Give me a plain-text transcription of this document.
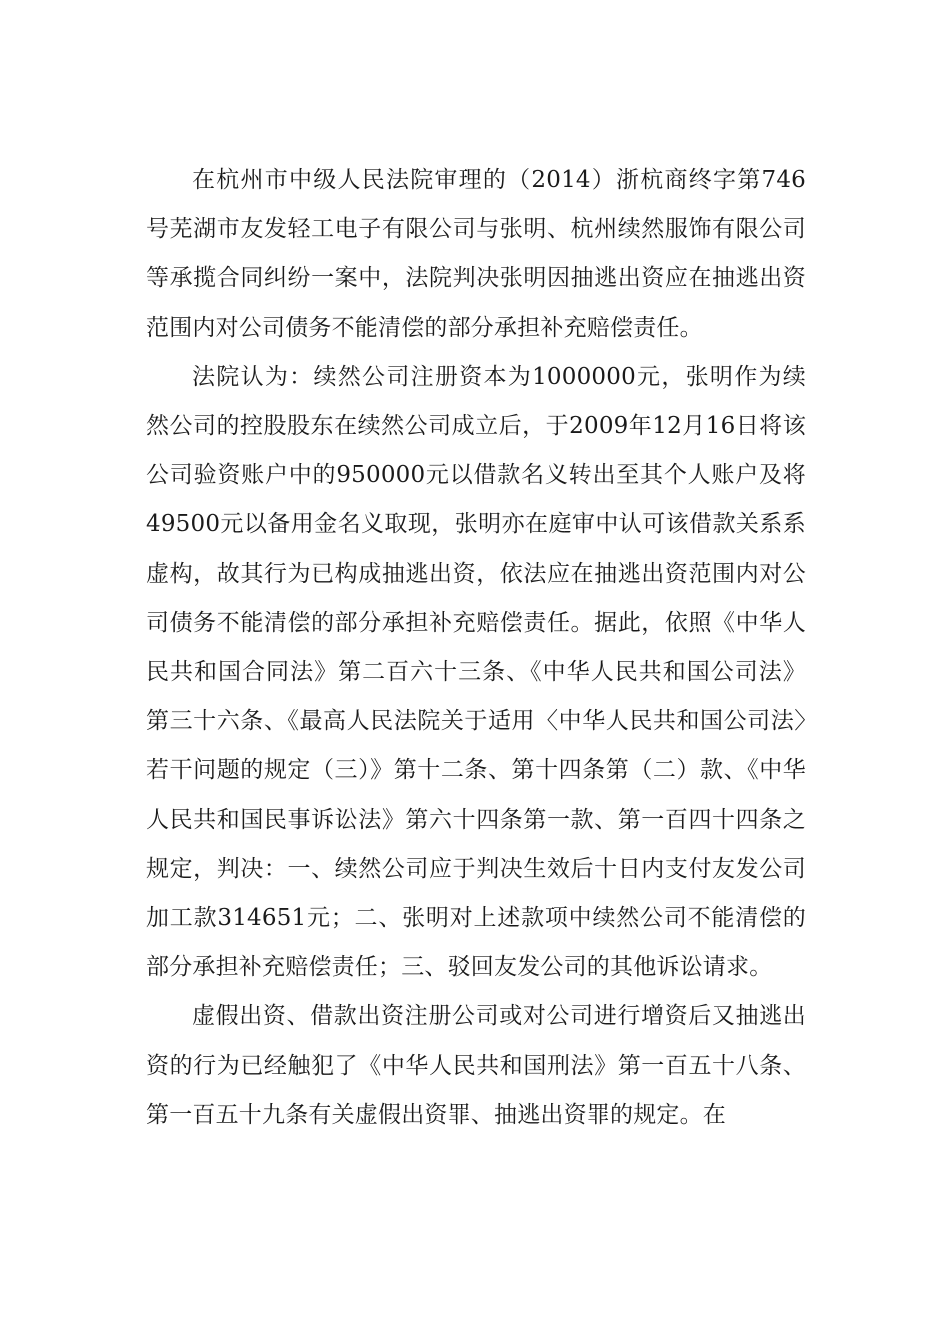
在杭州市中级人民法院审理的（2014）浙杭商终字第746号芜湖市友发轻工电子有限公司与张明、杭州续然服饰有限公司等承揽合同纠纷一案中，法院判决张明因抽逃出资应在抽逃出资范围内对公司债务不能清偿的部分承担补充赔偿责任。

法院认为：续然公司注册资本为1000000元，张明作为续然公司的控股股东在续然公司成立后，于2009年12月16日将该公司验资账户中的950000元以借款名义转出至其个人账户及将49500元以备用金名义取现，张明亦在庭审中认可该借款关系系虚构，故其行为已构成抽逃出资，依法应在抽逃出资范围内对公司债务不能清偿的部分承担补充赔偿责任。据此，依照《中华人民共和国合同法》第二百六十三条、《中华人民共和国公司法》第三十六条、《最高人民法院关于适用〈中华人民共和国公司法〉若干问题的规定（三）》第十二条、第十四条第（二）款、《中华人民共和国民事诉讼法》第六十四条第一款、第一百四十四条之规定，判决：一、续然公司应于判决生效后十日内支付友发公司加工款314651元；二、张明对上述款项中续然公司不能清偿的部分承担补充赔偿责任；三、驳回友发公司的其他诉讼请求。

虚假出资、借款出资注册公司或对公司进行增资后又抽逃出资的行为已经触犯了《中华人民共和国刑法》第一百五十八条、第一百五十九条有关虚假出资罪、抽逃出资罪的规定。在
